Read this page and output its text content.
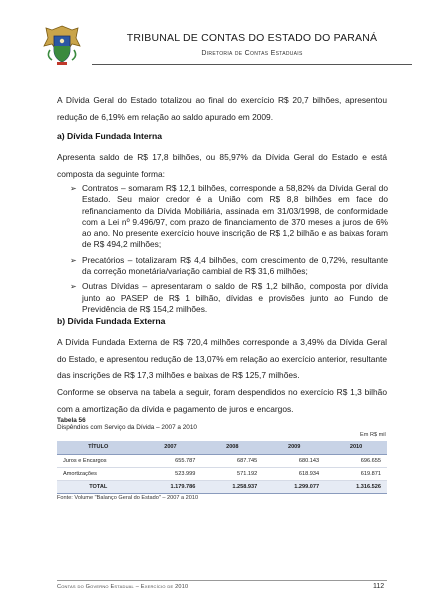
TRIBUNAL DE CONTAS DO ESTADO DO PARANÁ
Diretoria de Contas Estaduais

A Dívida Geral do Estado totalizou ao final do exercício R$ 20,7 bilhões, apresentou redução de 6,19% em relação ao saldo apurado em 2009.

a) Dívida Fundada Interna

Apresenta saldo de R$ 17,8 bilhões, ou 85,97% da Dívida Geral do Estado e está composta da seguinte forma:

➢ Contratos – somaram R$ 12,1 bilhões, corresponde a 58,82% da Dívida Geral do Estado. Seu maior credor é a União com R$ 8,8 bilhões em face do refinanciamento da Dívida Mobiliária, assinada em 31/03/1998, de conformidade com a Lei nº 9.496/97, com prazo de financiamento de 370 meses a juros de 6% ao ano. No presente exercício houve inscrição de R$ 1,2 bilhão e as baixas foram de R$ 494,2 milhões;
➢ Precatórios – totalizaram R$ 4,4 bilhões, com crescimento de 0,72%, resultante da correção monetária/variação cambial de R$ 31,6 milhões;
➢ Outras Dívidas – apresentaram o saldo de R$ 1,2 bilhão, composta por dívida junto ao PASEP de R$ 1 bilhão, dívidas e provisões junto ao Fundo de Previdência de R$ 154,2 milhões.
b) Dívida Fundada Externa

A Dívida Fundada Externa de R$ 720,4 milhões corresponde a 3,49% da Dívida Geral do Estado, e apresentou redução de 13,07% em relação ao exercício anterior, resultante das inscrições de R$ 17,3 milhões e baixas de R$ 125,7 milhões.

Conforme se observa na tabela a seguir, foram despendidos no exercício R$ 1,3 bilhão com a amortização da dívida e pagamento de juros e encargos.

Tabela 56
Dispêndios com Serviço da Dívida – 2007 a 2010
Em R$ mil
TÍTULO	2007	2008	2009	2010
Juros e Encargos	655.787	687.745	680.143	696.655
Amortizações	523.999	571.192	618.934	619.871
TOTAL	1.179.786	1.258.937	1.299.077	1.316.526
Fonte: Volume "Balanço Geral do Estado" – 2007 a 2010
Contas do Governo Estadual – Exercício de 2010	112
